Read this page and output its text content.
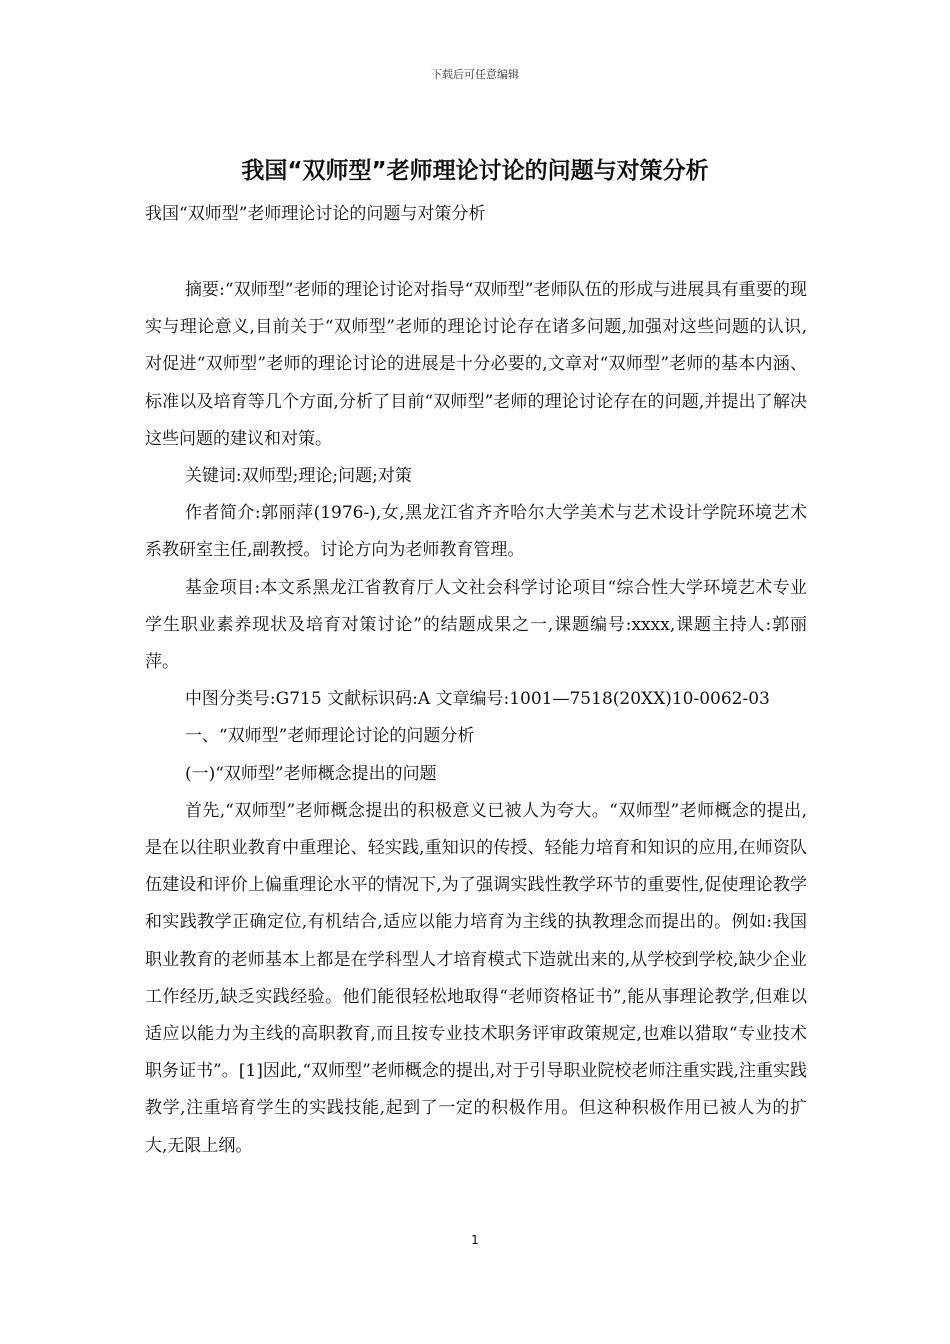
下载后可任意编辑
我国“双师型”老师理论讨论的问题与对策分析
我国“双师型”老师理论讨论的问题与对策分析

摘要:“双师型”老师的理论讨论对指导“双师型”老师队伍的形成与进展具有重要的现实与理论意义,目前关于“双师型”老师的理论讨论存在诸多问题,加强对这些问题的认识,对促进“双师型”老师的理论讨论的进展是十分必要的,文章对“双师型”老师的基本内涵、标准以及培育等几个方面,分析了目前“双师型”老师的理论讨论存在的问题,并提出了解决这些问题的建议和对策。

关键词:双师型;理论;问题;对策

作者简介:郭丽萍(1976-),女,黑龙江省齐齐哈尔大学美术与艺术设计学院环境艺术系教研室主任,副教授。讨论方向为老师教育管理。

基金项目:本文系黑龙江省教育厅人文社会科学讨论项目“综合性大学环境艺术专业学生职业素养现状及培育对策讨论”的结题成果之一,课题编号:xxxx,课题主持人:郭丽萍。

中图分类号:G715 文献标识码:A 文章编号:1001—7518(20XX)10-0062-03

一、“双师型”老师理论讨论的问题分析

(一)“双师型”老师概念提出的问题

首先,“双师型”老师概念提出的积极意义已被人为夸大。“双师型”老师概念的提出,是在以往职业教育中重理论、轻实践,重知识的传授、轻能力培育和知识的应用,在师资队伍建设和评价上偏重理论水平的情况下,为了强调实践性教学环节的重要性,促使理论教学和实践教学正确定位,有机结合,适应以能力培育为主线的执教理念而提出的。例如:我国职业教育的老师基本上都是在学科型人才培育模式下造就出来的,从学校到学校,缺少企业工作经历,缺乏实践经验。他们能很轻松地取得“老师资格证书”,能从事理论教学,但难以适应以能力为主线的高职教育,而且按专业技术职务评审政策规定,也难以猎取“专业技术职务证书”。[1]因此,“双师型”老师概念的提出,对于引导职业院校老师注重实践,注重实践教学,注重培育学生的实践技能,起到了一定的积极作用。但这种积极作用已被人为的扩大,无限上纲。

1
